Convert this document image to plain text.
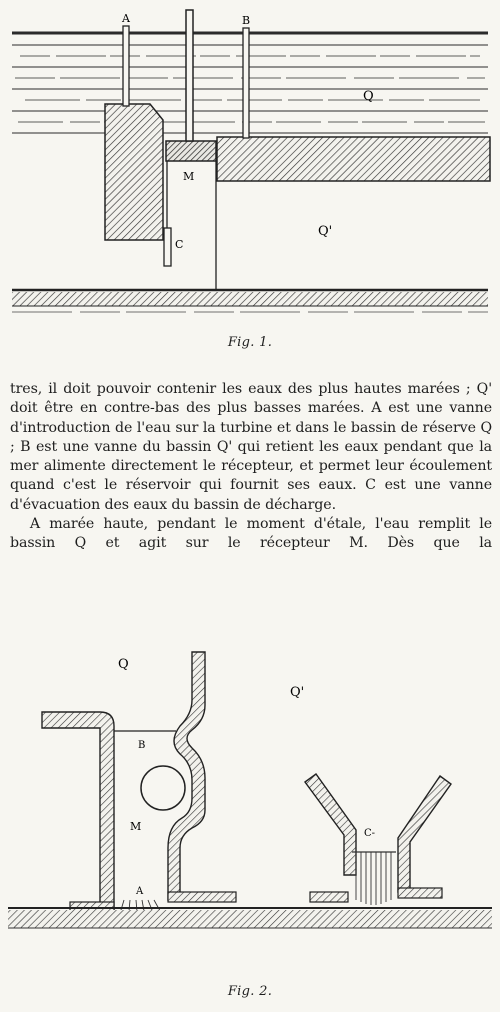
A	B
Q
Q'
M
C
Fig. 1.

tres, il doit pouvoir contenir les eaux des plus hautes marées ; Q' doit être en contre-bas des plus basses marées. A est une vanne d'introduction de l'eau sur la turbine et dans le bassin de réserve Q ; B est une vanne du bassin Q' qui retient les eaux pendant que la mer alimente directement le récepteur, et permet leur écoulement quand c'est le réservoir qui fournit ses eaux. C est une vanne d'évacuation des eaux du bassin de décharge.

A marée haute, pendant le moment d'étale, l'eau remplit le bassin Q et agit sur le récepteur M. Dès que la

Q
Q'
B
M
A
C-
Fig. 2.
